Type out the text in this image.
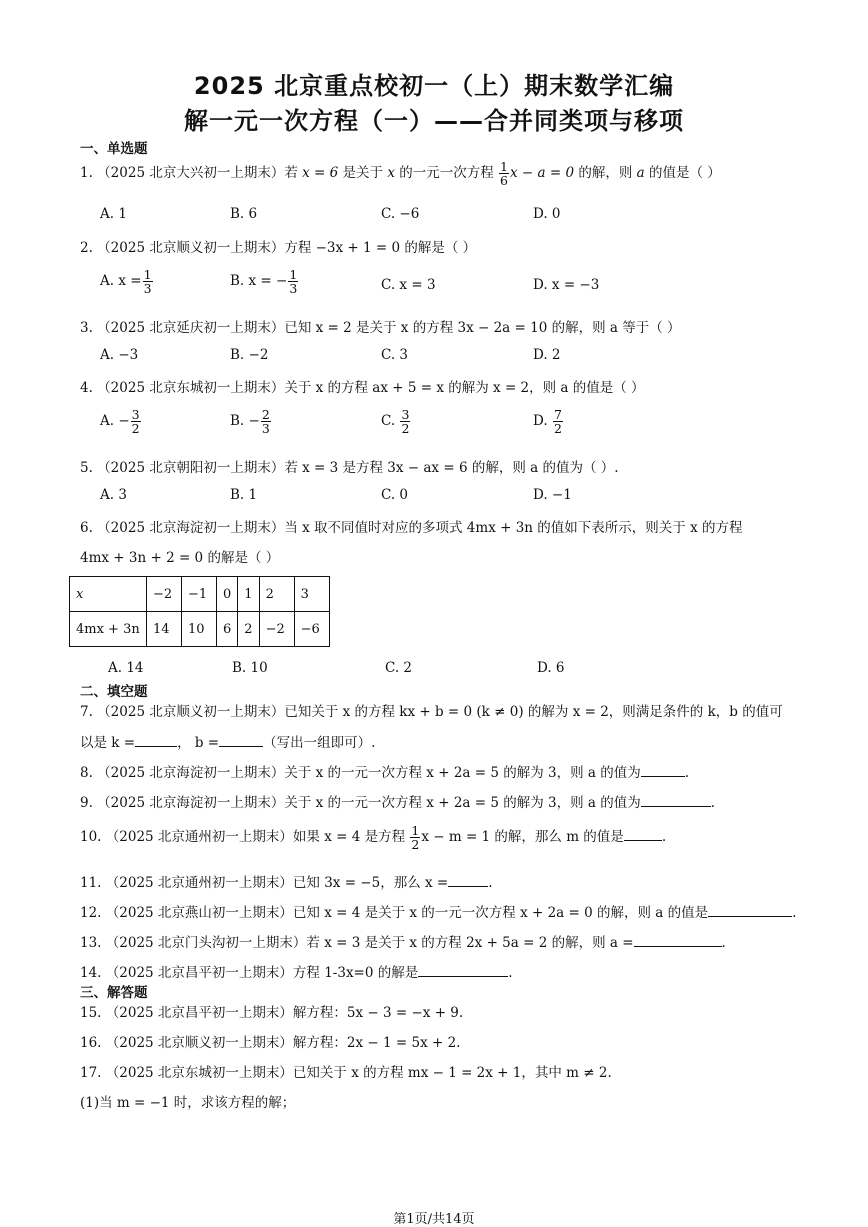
2025 北京重点校初一（上）期末数学汇编
解一元一次方程（一）——合并同类项与移项
一、单选题
1. （2025 北京大兴初一上期末）若 x = 6 是关于 x 的一元一次方程 $\frac{1}{6}$ x − a = 0 的解，则 a 的值是（ ）
A. 1	B. 6	C. −6	D. 0
2. （2025 北京顺义初一上期末）方程 −3x + 1 = 0 的解是（ ）
A. $x = \frac{1}{3}$	B. x = − $\frac{1}{3}$	C. x = 3	D. x = −3
3. （2025 北京延庆初一上期末）已知 x = 2 是关于 x 的方程 3x − 2a = 10 的解，则 a 等于（ ）
A. −3	B. −2	C. 3	D. 2
4. （2025 北京东城初一上期末）关于 x 的方程 ax + 5 = x 的解为 x = 2，则 a 的值是（ ）
A. − $\frac{3}{2}$	B. − $\frac{2}{3}$	C. $\frac{3}{2}$	D. $\frac{7}{2}$
5. （2025 北京朝阳初一上期末）若 x = 3 是方程 3x − ax = 6 的解，则 a 的值为（ ）.
A. 3	B. 1	C. 0	D. −1
6. （2025 北京海淀初一上期末）当 x 取不同值时对应的多项式 4mx + 3n 的值如下表所示，则关于 x 的方程
4mx + 3n + 2 = 0 的解是（ ）
x	−2	−1	0	1	2	3
4mx + 3n	14	10	6	2	−2	−6
A. 14	B. 10	C. 2	D. 6
二、填空题
7. （2025 北京顺义初一上期末）已知关于 x 的方程 kx + b = 0 (k ≠ 0) 的解为 x = 2，则满足条件的 k，b 的值可
以是 k =	， b =	（写出一组即可）.
8. （2025 北京海淀初一上期末）关于 x 的一元一次方程 x + 2a = 5 的解为 3，则 a 的值为	.
9. （2025 北京海淀初一上期末）关于 x 的一元一次方程 x + 2a = 5 的解为 3，则 a 的值为	.
10. （2025 北京通州初一上期末）如果 x = 4 是方程 $\frac{1}{2}$ x − m = 1 的解，那么 m 的值是	.
11. （2025 北京通州初一上期末）已知 3x = −5，那么 x =	.
12. （2025 北京燕山初一上期末）已知 x = 4 是关于 x 的一元一次方程 x + 2a = 0 的解，则 a 的值是	.
13. （2025 北京门头沟初一上期末）若 x = 3 是关于 x 的方程 2x + 5a = 2 的解，则 a =	.
14. （2025 北京昌平初一上期末）方程 1-3x=0 的解是	.
三、解答题
15. （2025 北京昌平初一上期末）解方程：5x − 3 = −x + 9.
16. （2025 北京顺义初一上期末）解方程：2x − 1 = 5x + 2.
17. （2025 北京东城初一上期末）已知关于 x 的方程 mx − 1 = 2x + 1，其中 m ≠ 2.
(1)当 m = −1 时，求该方程的解；
第1页/共14页
